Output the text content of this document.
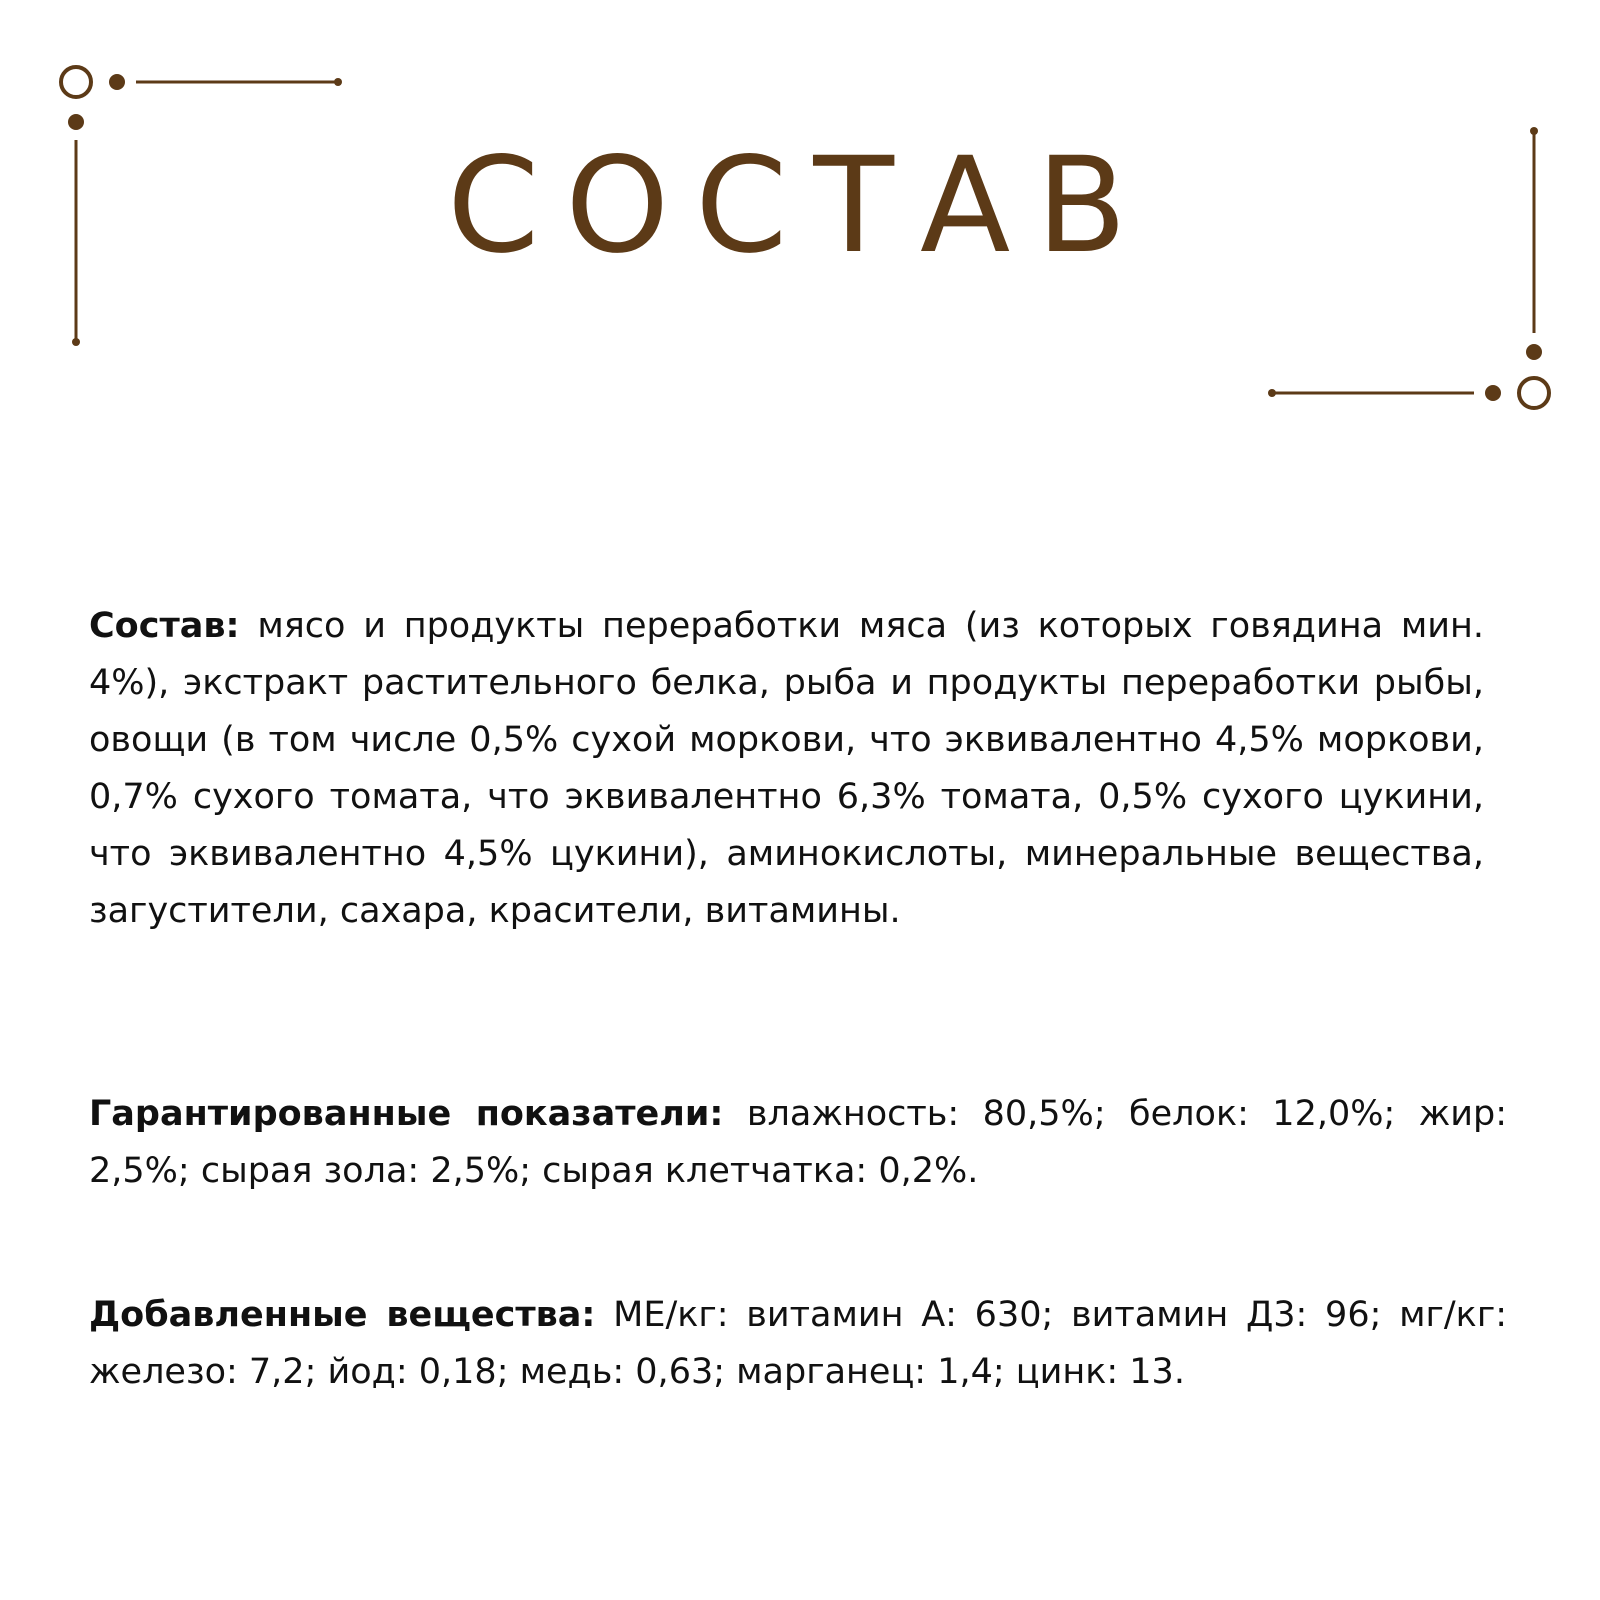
СОСТАВ

Состав: мясо и продукты переработки мяса (из которых говядина мин. 4%), экстракт растительного белка, рыба и продукты переработки рыбы, овощи (в том числе 0,5% сухой моркови, что эквивалентно 4,5% моркови, 0,7% сухого томата, что эквивалентно 6,3% томата, 0,5% сухого цукини, что эквивалентно 4,5% цукини), аминокислоты, минеральные вещества, загустители, сахара, красители, витамины.

Гарантированные показатели: влажность: 80,5%; белок: 12,0%; жир: 2,5%; сырая зола: 2,5%; сырая клетчатка: 0,2%.

Добавленные вещества: МЕ/кг: витамин А: 630; витамин Д3: 96; мг/кг: железо: 7,2; йод: 0,18; медь: 0,63; марганец: 1,4; цинк: 13.
